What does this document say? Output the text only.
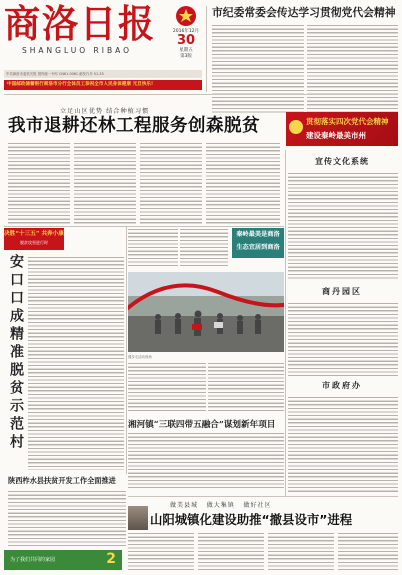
商洛日报
SHANGLUO RIBAO
2016年12月
30
星期五
第3版
中共商洛市委机关报 国内统一刊号 CN61-0061 邮发代号 51-33
中国邮政储蓄银行商洛市分行全体员工恭祝全市人民身体健康 元旦快乐!
市纪委常委会传达学习贯彻党代会精神
立足山区优势 结合种植习惯
我市退耕还林工程服务创森脱贫	贯彻落实四次党代会精神
建设秦岭最美市州
宣传文化系统
决胜“十三五” 共奔小康
脱贫攻坚进行时
安口口成精准脱贫示范村
秦岭最美是商洛
生态宜居到商洛
健步走活动现场
商丹园区
湘河镇“三联四带五融合”谋划新年项目
市政府办
陕西柞水县扶贫开发工作全面推进
做美县城   做大集镇   做好社区
山阳城镇化建设助推“撤县设市”进程
为了我们共同的家园	2
